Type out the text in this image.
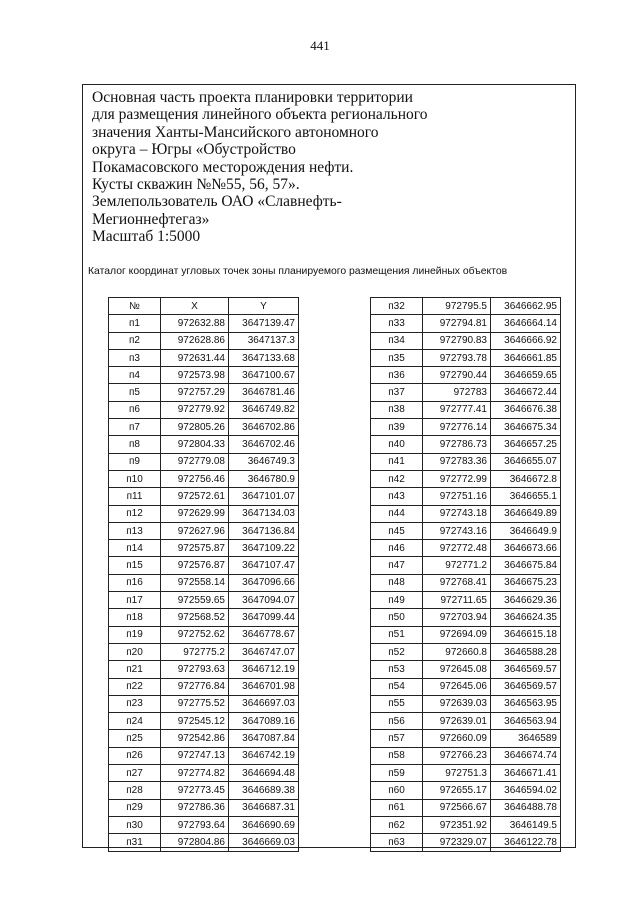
441
Основная часть проекта планировки территории
для размещения линейного объекта регионального
значения Ханты-Мансийского автономного
округа – Югры «Обустройство
Покамасовского месторождения нефти.
Кусты скважин №№55, 56, 57».
Землепользователь ОАО «Славнефть-
Мегионнефтегаз»
Масштаб 1:5000
Каталог координат угловых точек зоны планируемого размещения линейных объектов
№	X	Y
п1	972632.88	3647139.47
п2	972628.86	3647137.3
п3	972631.44	3647133.68
п4	972573.98	3647100.67
п5	972757.29	3646781.46
п6	972779.92	3646749.82
п7	972805.26	3646702.86
п8	972804.33	3646702.46
п9	972779.08	3646749.3
п10	972756.46	3646780.9
п11	972572.61	3647101.07
п12	972629.99	3647134.03
п13	972627.96	3647136.84
п14	972575.87	3647109.22
п15	972576.87	3647107.47
п16	972558.14	3647096.66
п17	972559.65	3647094.07
п18	972568.52	3647099.44
п19	972752.62	3646778.67
п20	972775.2	3646747.07
п21	972793.63	3646712.19
п22	972776.84	3646701.98
п23	972775.52	3646697.03
п24	972545.12	3647089.16
п25	972542.86	3647087.84
п26	972747.13	3646742.19
п27	972774.82	3646694.48
п28	972773.45	3646689.38
п29	972786.36	3646687.31
п30	972793.64	3646690.69
п31	972804.86	3646669.03
п32	972795.5	3646662.95
п33	972794.81	3646664.14
п34	972790.83	3646666.92
п35	972793.78	3646661.85
п36	972790.44	3646659.65
п37	972783	3646672.44
п38	972777.41	3646676.38
п39	972776.14	3646675.34
п40	972786.73	3646657.25
п41	972783.36	3646655.07
п42	972772.99	3646672.8
п43	972751.16	3646655.1
п44	972743.18	3646649.89
п45	972743.16	3646649.9
п46	972772.48	3646673.66
п47	972771.2	3646675.84
п48	972768.41	3646675.23
п49	972711.65	3646629.36
п50	972703.94	3646624.35
п51	972694.09	3646615.18
п52	972660.8	3646588.28
п53	972645.08	3646569.57
п54	972645.06	3646569.57
п55	972639.03	3646563.95
п56	972639.01	3646563.94
п57	972660.09	3646589
п58	972766.23	3646674.74
п59	972751.3	3646671.41
п60	972655.17	3646594.02
п61	972566.67	3646488.78
п62	972351.92	3646149.5
п63	972329.07	3646122.78
